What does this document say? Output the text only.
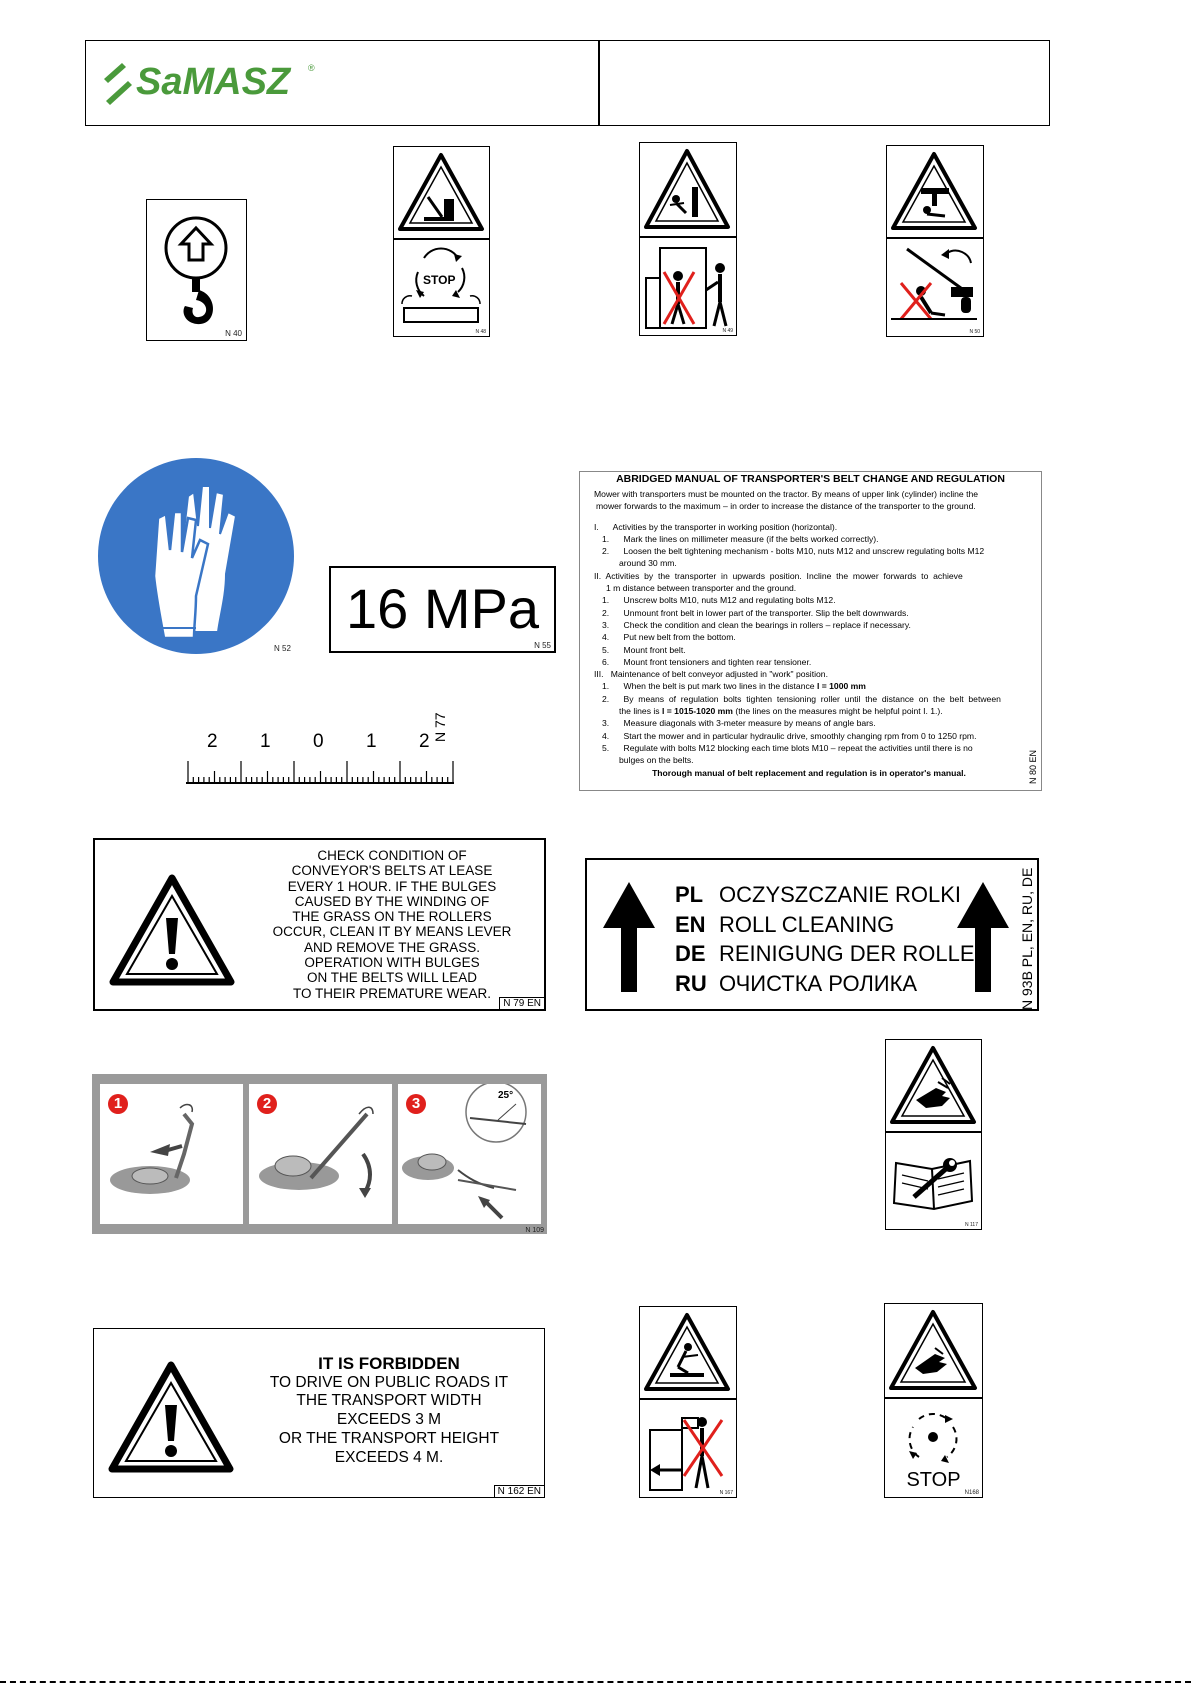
SaMASZ ®
N 40
STOP
N 48	N 49	N 50
N 52
16 MPa
N 55
2 1 0 1 2 N 77
ABRIDGED MANUAL OF TRANSPORTER'S BELT CHANGE AND REGULATION

Mower with transporters must be mounted on the tractor. By means of upper link (cylinder) incline the

mower forwards to the maximum – in order to increase the distance of the transporter to the ground.

I.      Activities by the transporter in working position (horizontal).

1.      Mark the lines on millimeter measure (if the belts worked correctly).

2.      Loosen the belt tightening mechanism - bolts M10, nuts M12 and unscrew regulating bolts M12

around 30 mm.

II.  Activities  by  the  transporter  in  upwards  position.  Incline  the  mower  forwards  to  achieve

1 m distance between transporter and the ground.

1.      Unscrew bolts M10, nuts M12 and regulating bolts M12.

2.      Unmount front belt in lower part of the transporter. Slip the belt downwards.

3.      Check the condition and clean the bearings in rollers – replace if necessary.

4.      Put new belt from the bottom.

5.      Mount front belt.

6.      Mount front tensioners and tighten rear tensioner.

III.   Maintenance of belt conveyor adjusted in "work" position.

1.      When the belt is put mark two lines in the distance l = 1000 mm

2.      By  means  of  regulation  bolts  tighten  tensioning  roller  until  the  distance  on  the  belt  between

the lines is l = 1015-1020 mm (the lines on the measures might be helpful point I. 1.).

3.      Measure diagonals with 3-meter measure by means of angle bars.

4.      Start the mower and in particular hydraulic drive, smoothly changing rpm from 0 to 1250 rpm.

5.      Regulate with bolts M12 blocking each time blots M10 – repeat the activities until there is no

bulges on the belts.

Thorough manual of belt replacement and regulation is in operator's manual.	N 80 EN
CHECK CONDITION OF
CONVEYOR'S BELTS AT LEASE
EVERY 1 HOUR. IF THE BULGES
CAUSED BY THE WINDING OF
THE GRASS ON THE ROLLERS
OCCUR, CLEAN IT BY MEANS LEVER
AND REMOVE THE GRASS.
OPERATION WITH BULGES
ON THE BELTS WILL LEAD
TO THEIR PREMATURE WEAR.
N 79 EN
PL OCZYSZCZANIE ROLKI
EN ROLL CLEANING
DE REINIGUNG DER ROLLE
RU ОЧИСТКА РОЛИКА	N 93B PL, EN, RU, DE
1	2	25°
3
N 109
N 117
IT IS FORBIDDEN
TO DRIVE ON PUBLIC ROADS IT
THE TRANSPORT WIDTH
EXCEEDS 3 M
OR THE TRANSPORT HEIGHT
EXCEEDS 4 M.
N 162 EN	N 167
STOP
N168
